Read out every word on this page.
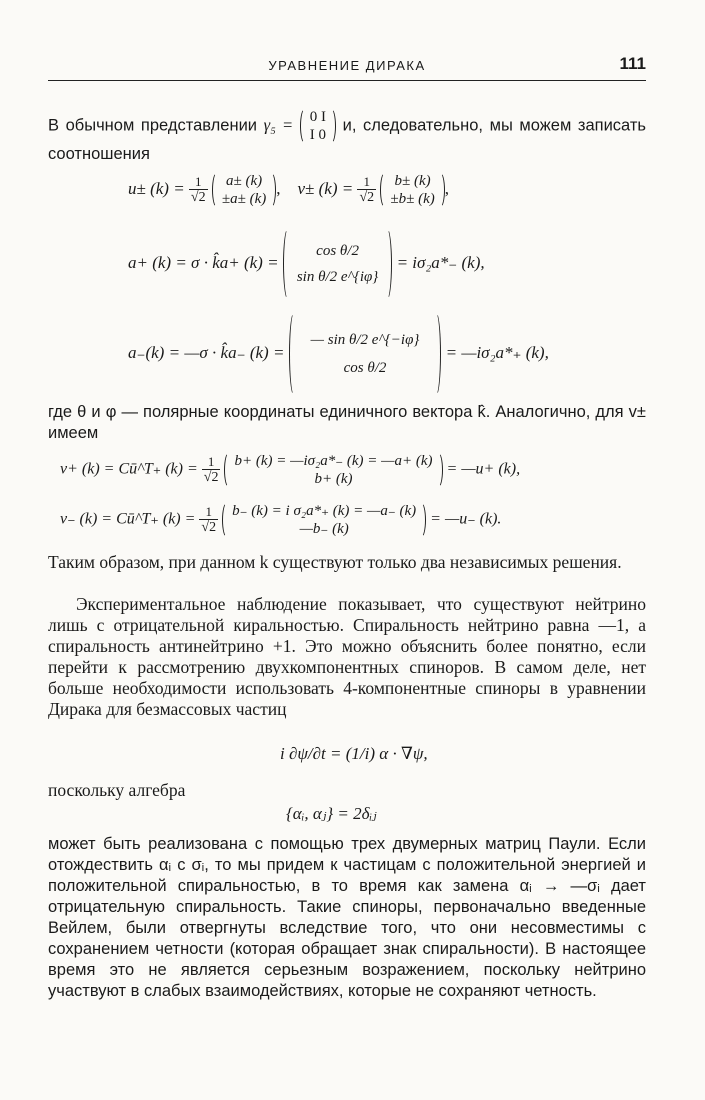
УРАВНЕНИЕ ДИРАКА	111
В обычном представлении γ₅ = 0 I
I 0
и, следовательно, мы можем записать соотношения
$u\pm (k) = \frac{1}{√2}$
a± (k)
±a± (k)
, $v\pm (k) = \frac{1}{√2}$
b± (k)
±b± (k)
,
a+ (k) = σ · k̂a+ (k) =
cos θ/2
sin θ/2 e^{iφ}
= iσ₂a*₋ (k),
a₋(k) = —σ · k̂a₋ (k) =
— sin θ/2 e^{−iφ}
cos θ/2
= —iσ₂a*₊ (k),
где θ и φ — полярные координаты единичного вектора k̂. Аналогично, для v± имеем
v+ (k) = Cū^T₊ $(k) = \frac{1}{√2}$
b+ (k) = —iσ₂a*₋ (k) = —a+ (k)
b+ (k)
= —u+ (k),
v₋ (k) = Cū^T₊ $(k) = \frac{1}{√2}$
b₋ (k) = i σ₂a*₊ (k) = —a₋ (k)
—b₋ (k)
= —u₋ (k).
Таким образом, при данном k существуют только два независимых решения.
Экспериментальное наблюдение показывает, что существуют нейтрино лишь с отрицательной киральностью. Спиральность нейтрино равна —1, а спиральность антинейтрино +1. Это можно объяснить более понятно, если перейти к рассмотрению двухкомпонентных спиноров. В самом деле, нет больше необходимости использовать 4-компонентные спиноры в уравнении Дирака для безмассовых частиц
i ∂ψ/∂t = (1/i) α · ∇ψ,
поскольку алгебра
{αᵢ, αⱼ} = 2δᵢⱼ
может быть реализована с помощью трех двумерных матриц Паули. Если отождествить αᵢ с σᵢ, то мы придем к частицам с положительной энергией и положительной спиральностью, в то время как замена αᵢ → —σᵢ дает отрицательную спиральность. Такие спиноры, первоначально введенные Вейлем, были отвергнуты вследствие того, что они несовместимы с сохранением четности (которая обращает знак спиральности). В настоящее время это не является серьезным возражением, поскольку нейтрино участвуют в слабых взаимодействиях, которые не сохраняют четность.
